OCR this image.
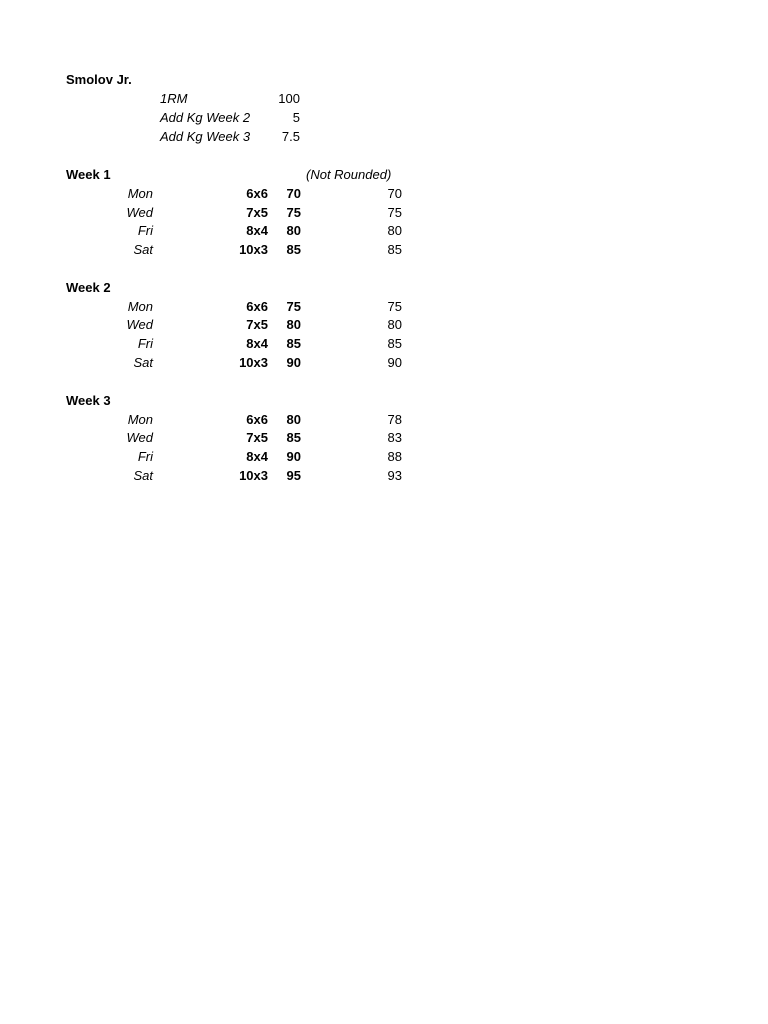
Smolov Jr.
1RM	100
Add Kg Week 2	5
Add Kg Week 3	7.5
Week 1	(Not Rounded)
Mon	6x6	70	70
Wed	7x5	75	75
Fri	8x4	80	80
Sat	10x3	85	85
Week 2
Mon	6x6	75	75
Wed	7x5	80	80
Fri	8x4	85	85
Sat	10x3	90	90
Week 3
Mon	6x6	80	78
Wed	7x5	85	83
Fri	8x4	90	88
Sat	10x3	95	93
